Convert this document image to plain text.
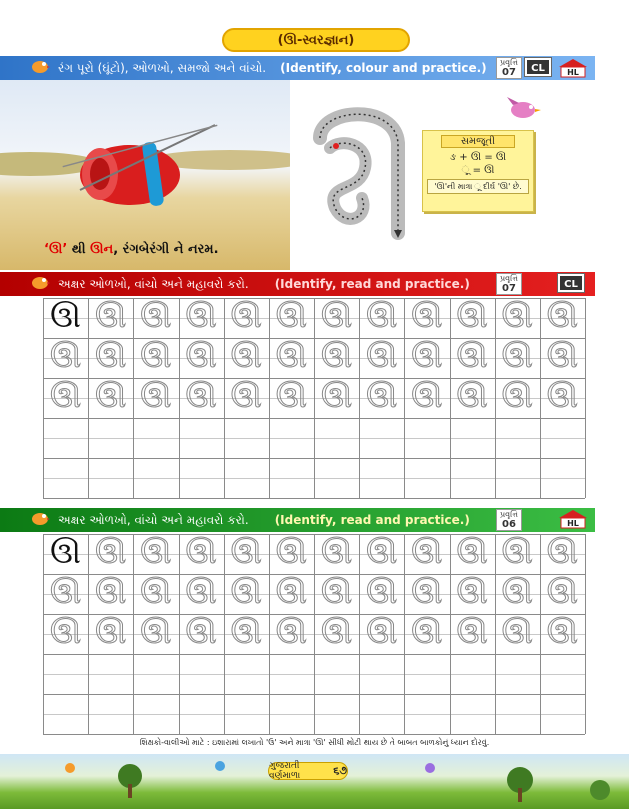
(ઊ-સ્વરજ્ઞાન)
રંગ પૂરો (ઘૂંટો), ઓળખો, સમજો અને વાંચો. (Identify, colour and practice.)	પ્રવૃત્તિ
07	CL	HL
‘ઊ’ થી ઊન, રંગબેરંગી ને નરમ.
સમજૂતી
ઙ + ઊ = ઊ
ૂ = ઊ
'ઊ'ની માત્રા ૂ દીર્ઘ 'ઊ' છે.
અક્ષર ઓળખો, વાંચો અને મહાવરો કરો. (Identify, read and practice.)	પ્રવૃત્તિ
07	CL
ઊ ઊ ઊ ઊ ઊ ઊ ઊ ઊ ઊ ઊ ઊ ઊ
ઊ ઊ ઊ ઊ ઊ ઊ ઊ ઊ ઊ ઊ ઊ ઊ
ઊ ઊ ઊ ઊ ઊ ઊ ઊ ઊ ઊ ઊ ઊ ઊ
અક્ષર ઓળખો, વાંચો અને મહાવરો કરો. (Identify, read and practice.)	પ્રવૃત્તિ
06	HL
ઊ ઊ ઊ ઊ ઊ ઊ ઊ ઊ ઊ ઊ ઊ ઊ
ઊ ઊ ઊ ઊ ઊ ઊ ઊ ઊ ઊ ઊ ઊ ઊ
ઊ ઊ ઊ ઊ ઊ ઊ ઊ ઊ ઊ ઊ ઊ ઊ
શિક્ષકો-વાલીઓ માટે : ઇશારામાં લખાતો 'ઉ' અને માત્રા 'ઊ' સીધી મોટી થાય છે તે બાબત બાળકોનું ધ્યાન દોરવું.
ગુજરાતી વર્ણમાળા	૬૭
